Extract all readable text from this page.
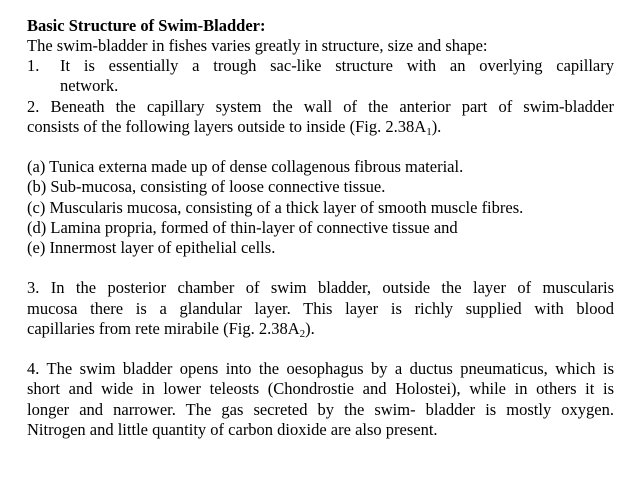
Basic Structure of Swim-Bladder:

The swim-bladder in fishes varies greatly in structure, size and shape:

1.	It is essentially a trough sac-like structure with an overlying capillary

network.

2. Beneath the capillary system the wall of the anterior part of swim-bladder

consists of the following layers outside to inside (Fig. $2.38A_1$).

(a) Tunica externa made up of dense collagenous fibrous material.

(b) Sub-mucosa, consisting of loose connective tissue.

(c) Muscularis mucosa, consisting of a thick layer of smooth muscle fibres.

(d) Lamina propria, formed of thin-layer of connective tissue and

(e) Innermost layer of epithelial cells.

3. In the posterior chamber of swim bladder, outside the layer of muscularis

mucosa there is a glandular layer. This layer is richly supplied with blood

capillaries from rete mirabile (Fig. $2.38A_2$).

4. The swim bladder opens into the oesophagus by a ductus pneumaticus, which is

short and wide in lower teleosts (Chondrostie and Holostei), while in others it is

longer and narrower. The gas secreted by the swim- bladder is mostly oxygen.

Nitrogen and little quantity of carbon dioxide are also present.
